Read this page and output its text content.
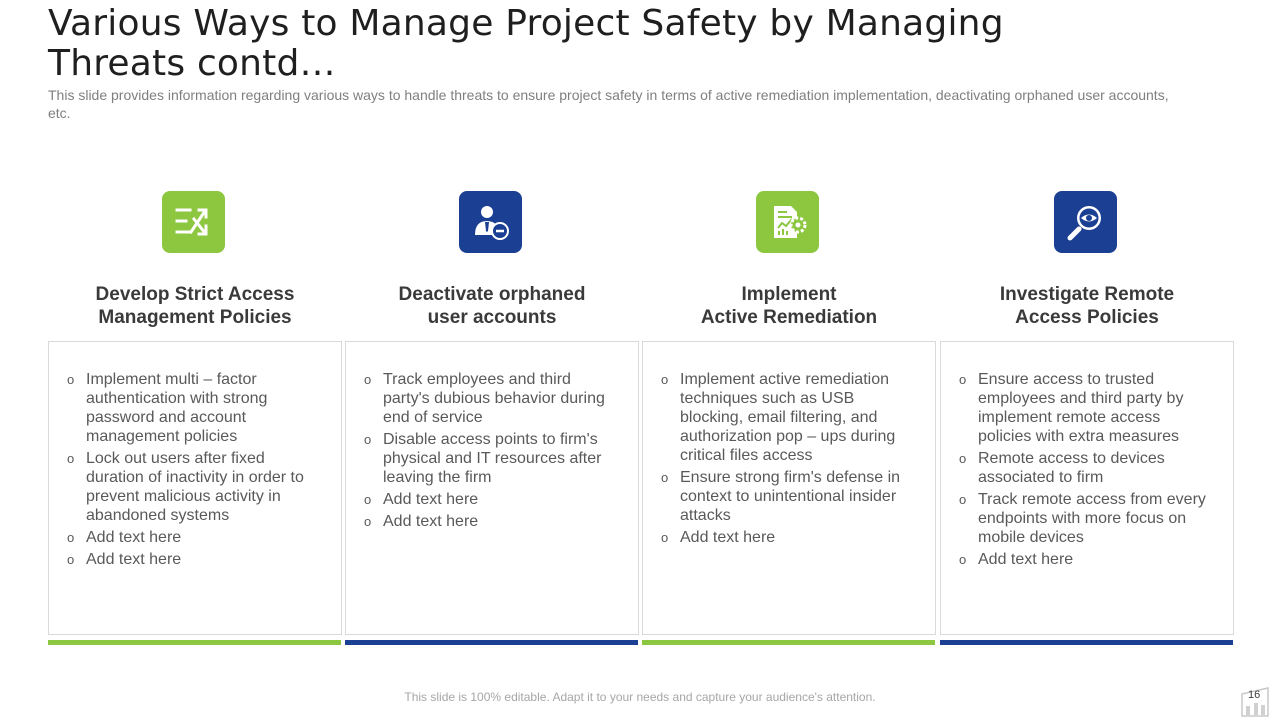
Various Ways to Manage Project Safety by Managing Threats contd…

This slide provides information regarding various ways to handle threats to ensure project safety in terms of active remediation implementation, deactivating orphaned user accounts, etc.

Develop Strict Access
Management Policies

o Implement multi – factor authentication with strong password and account management policies
o Lock out users after fixed duration of inactivity in order to prevent malicious activity in abandoned systems
o Add text here
o Add text here

Deactivate orphaned
user accounts

o Track employees and third party's dubious behavior during end of service
o Disable access points to firm's physical and IT resources after leaving the firm
o Add text here
o Add text here

Implement
Active Remediation

o Implement active remediation techniques such as USB blocking, email filtering, and authorization pop – ups during critical files access
o Ensure strong firm's defense in context to unintentional insider attacks
o Add text here

Investigate Remote
Access Policies

o Ensure access to trusted employees and third party by implement remote access policies with extra measures
o Remote access to devices associated to firm
o Track remote access from every endpoints with more focus on mobile devices
o Add text here
This slide is 100% editable. Adapt it to your needs and capture your audience's attention.	16
